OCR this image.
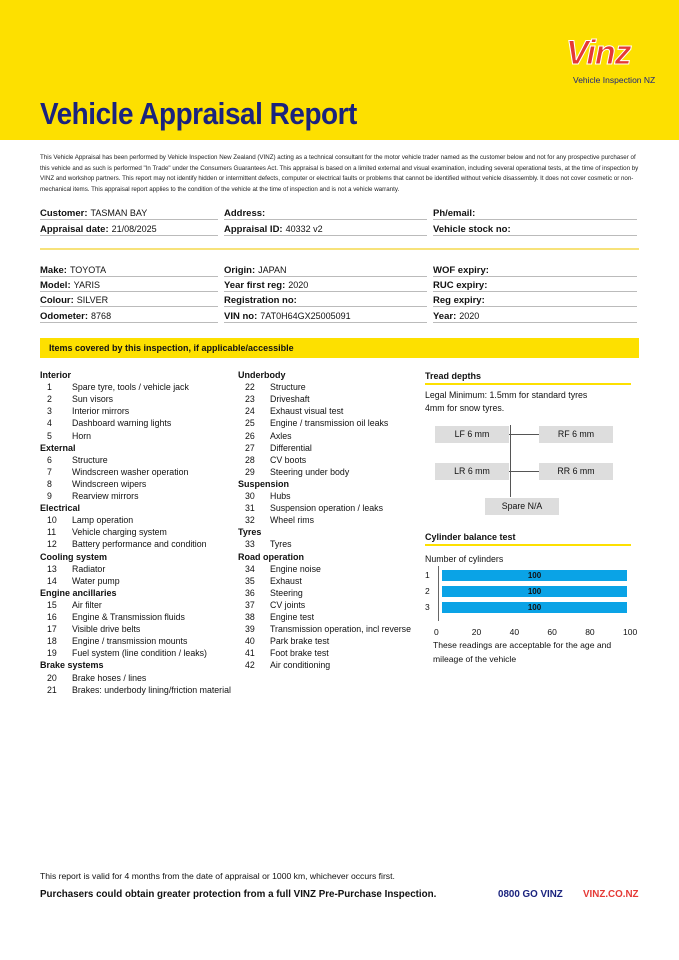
Vehicle Appraisal Report
Vinz
Vehicle Inspection NZ
This Vehicle Appraisal has been performed by Vehicle Inspection New Zealand (VINZ) acting as a technical consultant for the motor vehicle trader named as the customer below and not for any prospective purchaser of this vehicle and as such is performed "In Trade" under the Consumers Guarantees Act. This appraisal is based on a limited external and visual examination, including several operational tests, at the time of inspection by VINZ and workshop partners. This report may not identify hidden or intermittent defects, computer or electrical faults or problems that cannot be identified without vehicle disassembly. It does not cover cosmetic or non-mechanical items. This appraisal report applies to the condition of the vehicle at the time of inspection and is not a vehicle warranty.
Customer: TASMAN BAY	Address:	Ph/email:
Appraisal date: 21/08/2025	Appraisal ID: 40332 v2	Vehicle stock no:
Make: TOYOTA	Origin: JAPAN	WOF expiry:
Model: YARIS	Year first reg: 2020	RUC expiry:
Colour: SILVER	Registration no:	Reg expiry:
Odometer: 8768	VIN no: 7AT0H64GX25005091	Year: 2020
Items covered by this inspection, if applicable/accessible
Interior
1 Spare tyre, tools / vehicle jack
2 Sun visors
3 Interior mirrors
4 Dashboard warning lights
5 Horn
External
6 Structure
7 Windscreen washer operation
8 Windscreen wipers
9 Rearview mirrors
Electrical
10 Lamp operation
11 Vehicle charging system
12 Battery performance and condition
Cooling system
13 Radiator
14 Water pump
Engine ancillaries
15 Air filter
16 Engine & Transmission fluids
17 Visible drive belts
18 Engine / transmission mounts
19 Fuel system (line condition / leaks)
Brake systems
20 Brake hoses / lines
21 Brakes: underbody lining/friction material
Underbody
22 Structure
23 Driveshaft
24 Exhaust visual test
25 Engine / transmission oil leaks
26 Axles
27 Differential
28 CV boots
29 Steering under body
Suspension
30 Hubs
31 Suspension operation / leaks
32 Wheel rims
Tyres
33 Tyres
Road operation
34 Engine noise
35 Exhaust
36 Steering
37 CV joints
38 Engine test
39 Transmission operation, incl reverse
40 Park brake test
41 Foot brake test
42 Air conditioning
Tread depths
Legal Minimum: 1.5mm for standard tyres
4mm for snow tyres.
LF 6 mm	RF 6 mm
LR 6 mm	RR 6 mm
Spare N/A
Cylinder balance test
Number of cylinders
1	100
2	100
3	100
0	20	40	60	80	100
These readings are acceptable for the age and
mileage of the vehicle
This report is valid for 4 months from the date of appraisal or 1000 km, whichever occurs first.
Purchasers could obtain greater protection from a full VINZ Pre-Purchase Inspection.	0800 GO VINZ VINZ.CO.NZ
